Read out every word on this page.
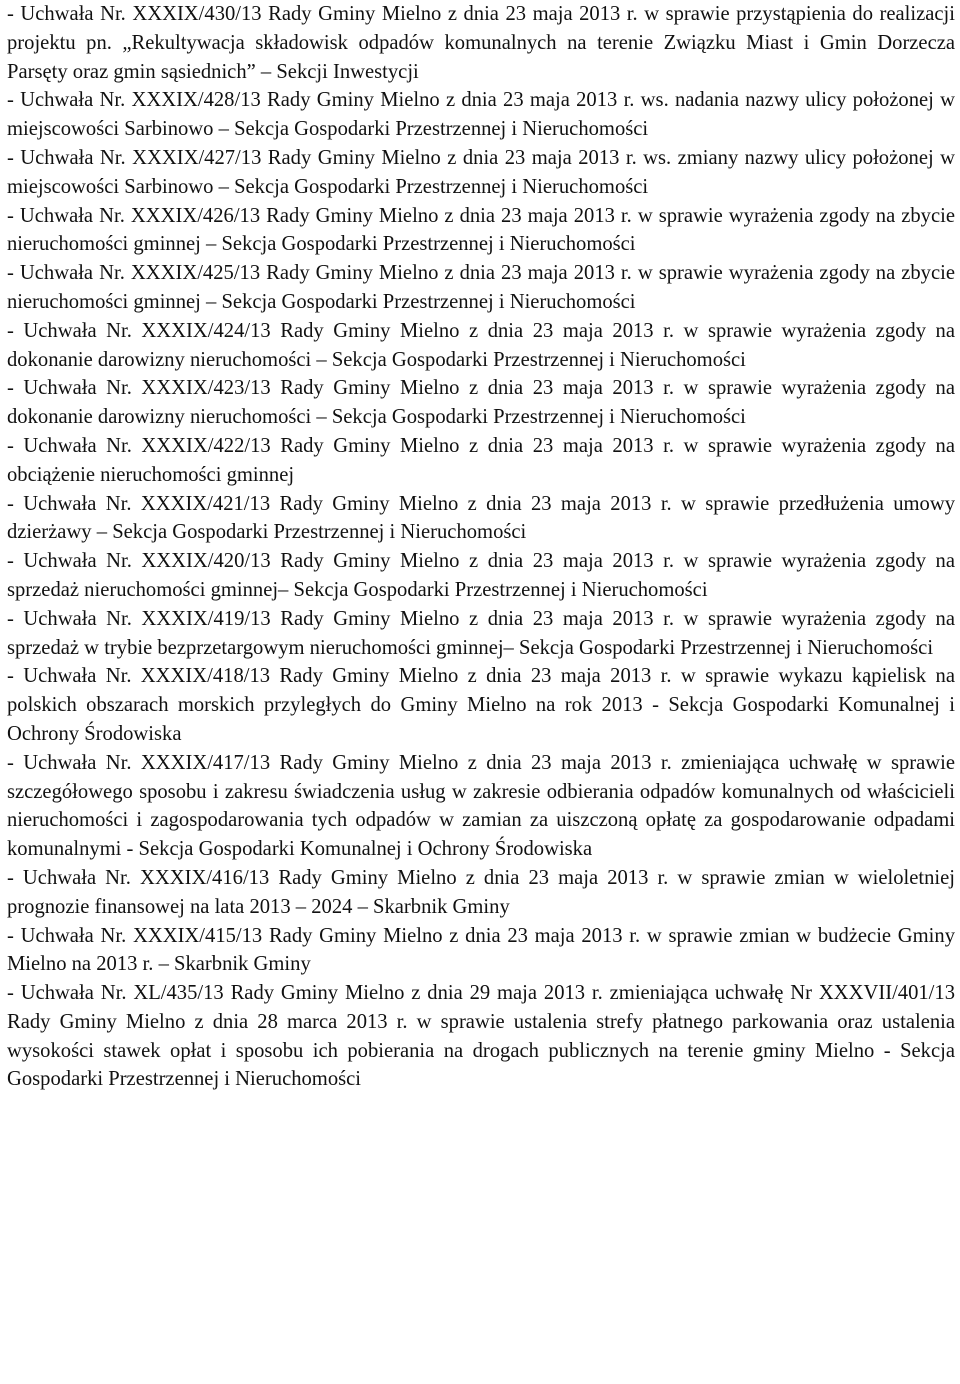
- Uchwała Nr. XXXIX/430/13 Rady Gminy Mielno z dnia 23 maja 2013 r. w sprawie przystąpienia do realizacji projektu pn. „Rekultywacja składowisk odpadów komunalnych na terenie Związku Miast i Gmin Dorzecza Parsęty oraz gmin sąsiednich” – Sekcji Inwestycji

- Uchwała Nr. XXXIX/428/13 Rady Gminy Mielno z dnia 23 maja 2013 r. ws. nadania nazwy ulicy położonej w miejscowości Sarbinowo – Sekcja Gospodarki Przestrzennej i Nieruchomości

- Uchwała Nr. XXXIX/427/13 Rady Gminy Mielno z dnia 23 maja 2013 r. ws. zmiany nazwy ulicy położonej w miejscowości Sarbinowo – Sekcja Gospodarki Przestrzennej i Nieruchomości

- Uchwała Nr. XXXIX/426/13 Rady Gminy Mielno z dnia 23 maja 2013 r. w sprawie wyrażenia zgody na zbycie nieruchomości gminnej – Sekcja Gospodarki Przestrzennej i Nieruchomości

- Uchwała Nr. XXXIX/425/13 Rady Gminy Mielno z dnia 23 maja 2013 r. w sprawie wyrażenia zgody na zbycie nieruchomości gminnej – Sekcja Gospodarki Przestrzennej i Nieruchomości

- Uchwała Nr. XXXIX/424/13 Rady Gminy Mielno z dnia 23 maja 2013 r. w sprawie wyrażenia zgody na dokonanie darowizny nieruchomości – Sekcja Gospodarki Przestrzennej i Nieruchomości

- Uchwała Nr. XXXIX/423/13 Rady Gminy Mielno z dnia 23 maja 2013 r. w sprawie wyrażenia zgody na dokonanie darowizny nieruchomości – Sekcja Gospodarki Przestrzennej i Nieruchomości

- Uchwała Nr. XXXIX/422/13 Rady Gminy Mielno z dnia 23 maja 2013 r. w sprawie wyrażenia zgody na obciążenie nieruchomości gminnej

- Uchwała Nr. XXXIX/421/13 Rady Gminy Mielno z dnia 23 maja 2013 r. w sprawie przedłużenia umowy dzierżawy – Sekcja Gospodarki Przestrzennej i Nieruchomości

- Uchwała Nr. XXXIX/420/13 Rady Gminy Mielno z dnia 23 maja 2013 r. w sprawie wyrażenia zgody na sprzedaż nieruchomości gminnej– Sekcja Gospodarki Przestrzennej i Nieruchomości

- Uchwała Nr. XXXIX/419/13 Rady Gminy Mielno z dnia 23 maja 2013 r. w sprawie wyrażenia zgody na sprzedaż w trybie bezprzetargowym nieruchomości gminnej– Sekcja Gospodarki Przestrzennej i Nieruchomości

- Uchwała Nr. XXXIX/418/13 Rady Gminy Mielno z dnia 23 maja 2013 r. w sprawie wykazu kąpielisk na polskich obszarach morskich przyległych do Gminy Mielno na rok 2013 - Sekcja Gospodarki Komunalnej i Ochrony Środowiska

- Uchwała Nr. XXXIX/417/13 Rady Gminy Mielno z dnia 23 maja 2013 r. zmieniająca uchwałę w sprawie szczegółowego sposobu i zakresu świadczenia usług w zakresie odbierania odpadów komunalnych od właścicieli nieruchomości i zagospodarowania tych odpadów w zamian za uiszczoną opłatę za gospodarowanie odpadami komunalnymi - Sekcja Gospodarki Komunalnej i Ochrony Środowiska

- Uchwała Nr. XXXIX/416/13 Rady Gminy Mielno z dnia 23 maja 2013 r. w sprawie zmian w wieloletniej prognozie finansowej na lata 2013 – 2024 – Skarbnik Gminy

- Uchwała Nr. XXXIX/415/13 Rady Gminy Mielno z dnia 23 maja 2013 r. w sprawie zmian w budżecie Gminy Mielno na 2013 r. – Skarbnik Gminy

- Uchwała Nr. XL/435/13 Rady Gminy Mielno z dnia 29 maja 2013 r. zmieniająca uchwałę Nr XXXVII/401/13 Rady Gminy Mielno z dnia 28 marca 2013 r. w sprawie ustalenia strefy płatnego parkowania oraz ustalenia wysokości stawek opłat i sposobu ich pobierania na drogach publicznych na terenie gminy Mielno - Sekcja Gospodarki Przestrzennej i Nieruchomości
